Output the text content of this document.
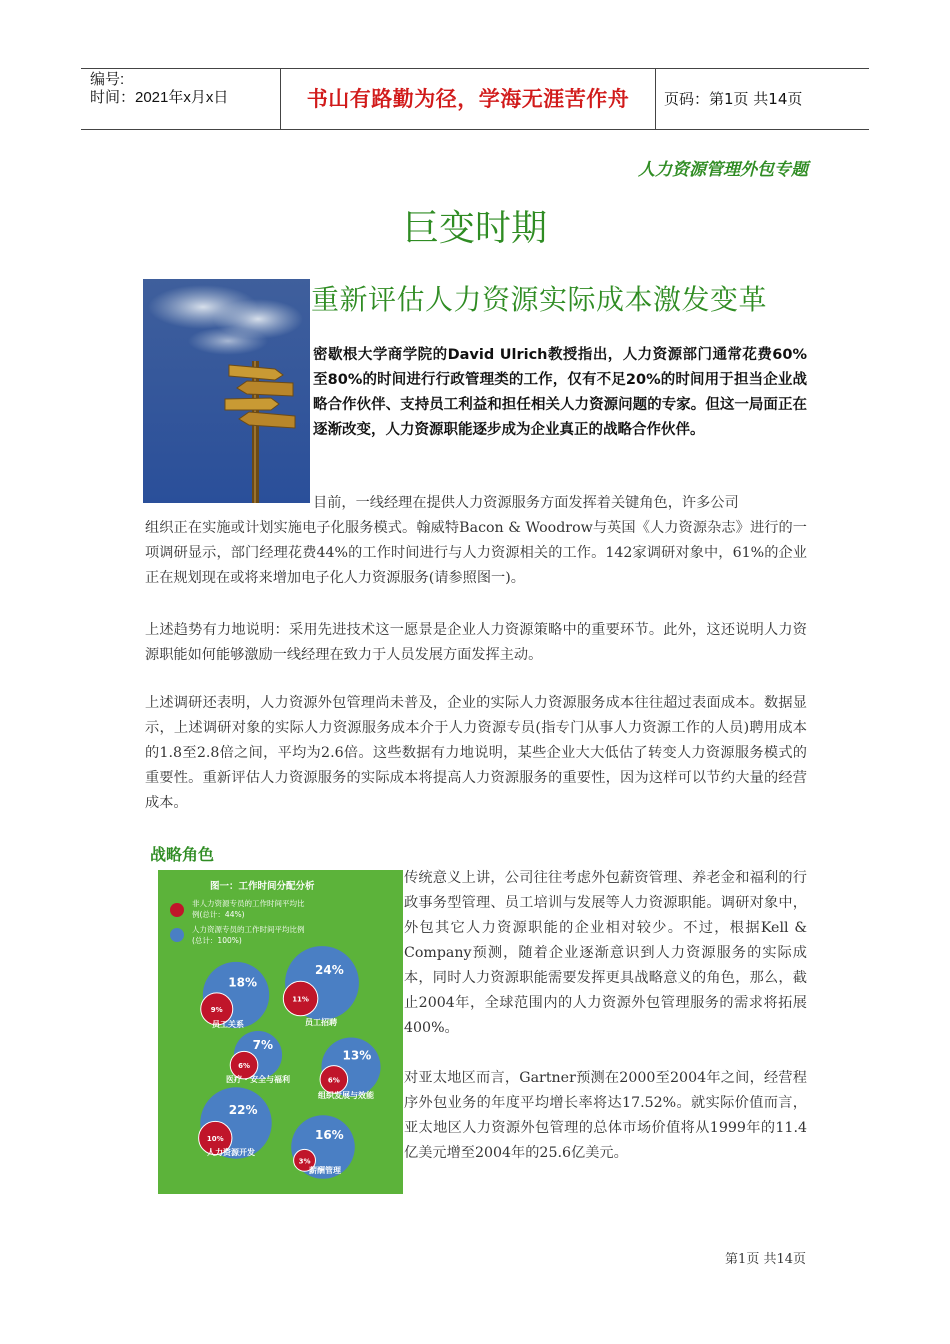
编号:
时间：2021年x月x日	书山有路勤为径，学海无涯苦作舟	页码：第1页 共14页
人力资源管理外包专题
巨变时期
重新评估人力资源实际成本激发变革
密歇根大学商学院的David Ulrich教授指出，人力资源部门通常花费60%至80%的时间进行行政管理类的工作，仅有不足20%的时间用于担当企业战略合作伙伴、支持员工利益和担任相关人力资源问题的专家。但这一局面正在逐渐改变，人力资源职能逐步成为企业真正的战略合作伙伴。
目前，一线经理在提供人力资源服务方面发挥着关键角色，许多公司
组织正在实施或计划实施电子化服务模式。翰威特Bacon & Woodrow与英国《人力资源杂志》进行的一项调研显示，部门经理花费44%的工作时间进行与人力资源相关的工作。142家调研对象中，61%的企业正在规划现在或将来增加电子化人力资源服务(请参照图一)。
上述趋势有力地说明：采用先进技术这一愿景是企业人力资源策略中的重要环节。此外，这还说明人力资源职能如何能够激励一线经理在致力于人员发展方面发挥主动。
上述调研还表明，人力资源外包管理尚未普及，企业的实际人力资源服务成本往往超过表面成本。数据显示，上述调研对象的实际人力资源服务成本介于人力资源专员(指专门从事人力资源工作的人员)聘用成本的1.8至2.8倍之间，平均为2.6倍。这些数据有力地说明，某些企业大大低估了转变人力资源服务模式的重要性。重新评估人力资源服务的实际成本将提高人力资源服务的重要性，因为这样可以节约大量的经营成本。
战略角色
图一：工作时间分配分析
非人力资源专员的工作时间平均比
例(总计：44%)
人力资源专员的工作时间平均比例
(总计：100%)
18%
9%
员工关系
24%
11%
员工招聘
7%
6%
医疗・安全与福利
13%
6%
组织发展与效能
22%
10%
人力资源开发
16%
3%
薪酬管理
传统意义上讲，公司往往考虑外包薪资管理、养老金和福利的行政事务型管理、员工培训与发展等人力资源职能。调研对象中，外包其它人力资源职能的企业相对较少。不过，根据Kell & Company预测，随着企业逐渐意识到人力资源服务的实际成本，同时人力资源职能需要发挥更具战略意义的角色，那么，截止2004年，全球范围内的人力资源外包管理服务的需求将拓展400%。
对亚太地区而言，Gartner预测在2000至2004年之间，经营程序外包业务的年度平均增长率将达17.52%。就实际价值而言，亚太地区人力资源外包管理的总体市场价值将从1999年的11.4亿美元增至2004年的25.6亿美元。
第1页 共14页
